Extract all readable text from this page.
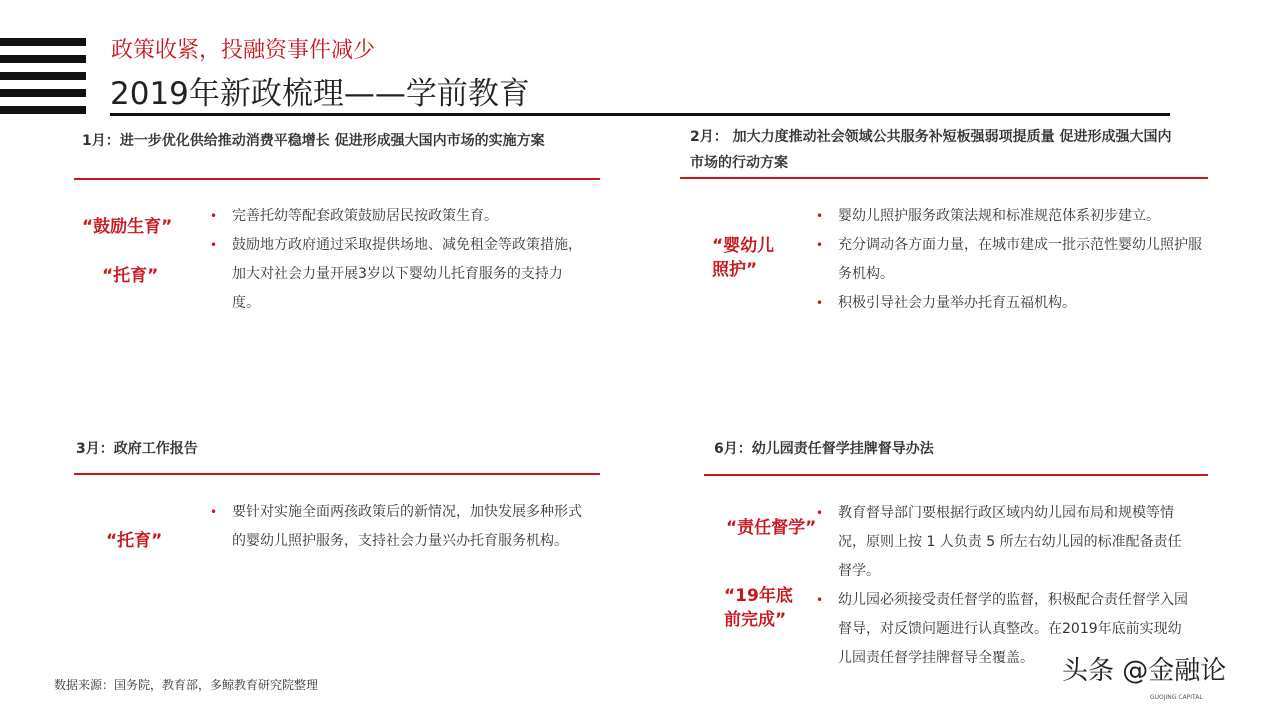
政策收紧，投融资事件减少
2019年新政梳理——学前教育
1月：进一步优化供给推动消费平稳增长 促进形成强大国内市场的实施方案
“鼓励生育”
“托育”
• 完善托幼等配套政策鼓励居民按政策生育。
• 鼓励地方政府通过采取提供场地、减免租金等政策措施，加大对社会力量开展3岁以下婴幼儿托育服务的支持力度。
2月： 加大力度推动社会领域公共服务补短板强弱项提质量 促进形成强大国内市场的行动方案
“婴幼儿照护”
• 婴幼儿照护服务政策法规和标准规范体系初步建立。
• 充分调动各方面力量，在城市建成一批示范性婴幼儿照护服务机构。
• 积极引导社会力量举办托育五福机构。
3月：政府工作报告
“托育”
• 要针对实施全面两孩政策后的新情况，加快发展多种形式的婴幼儿照护服务，支持社会力量兴办托育服务机构。
6月：幼儿园责任督学挂牌督导办法
“责任督学”
“19年底前完成”
• 教育督导部门要根据行政区域内幼儿园布局和规模等情况，原则上按 1 人负责 5 所左右幼儿园的标准配备责任督学。
• 幼儿园必须接受责任督学的监督，积极配合责任督学入园督导，对反馈问题进行认真整改。在2019年底前实现幼儿园责任督学挂牌督导全覆盖。
数据来源：国务院，教育部，多鲸教育研究院整理	头条 @金融论
GUOJING CAPITAL
